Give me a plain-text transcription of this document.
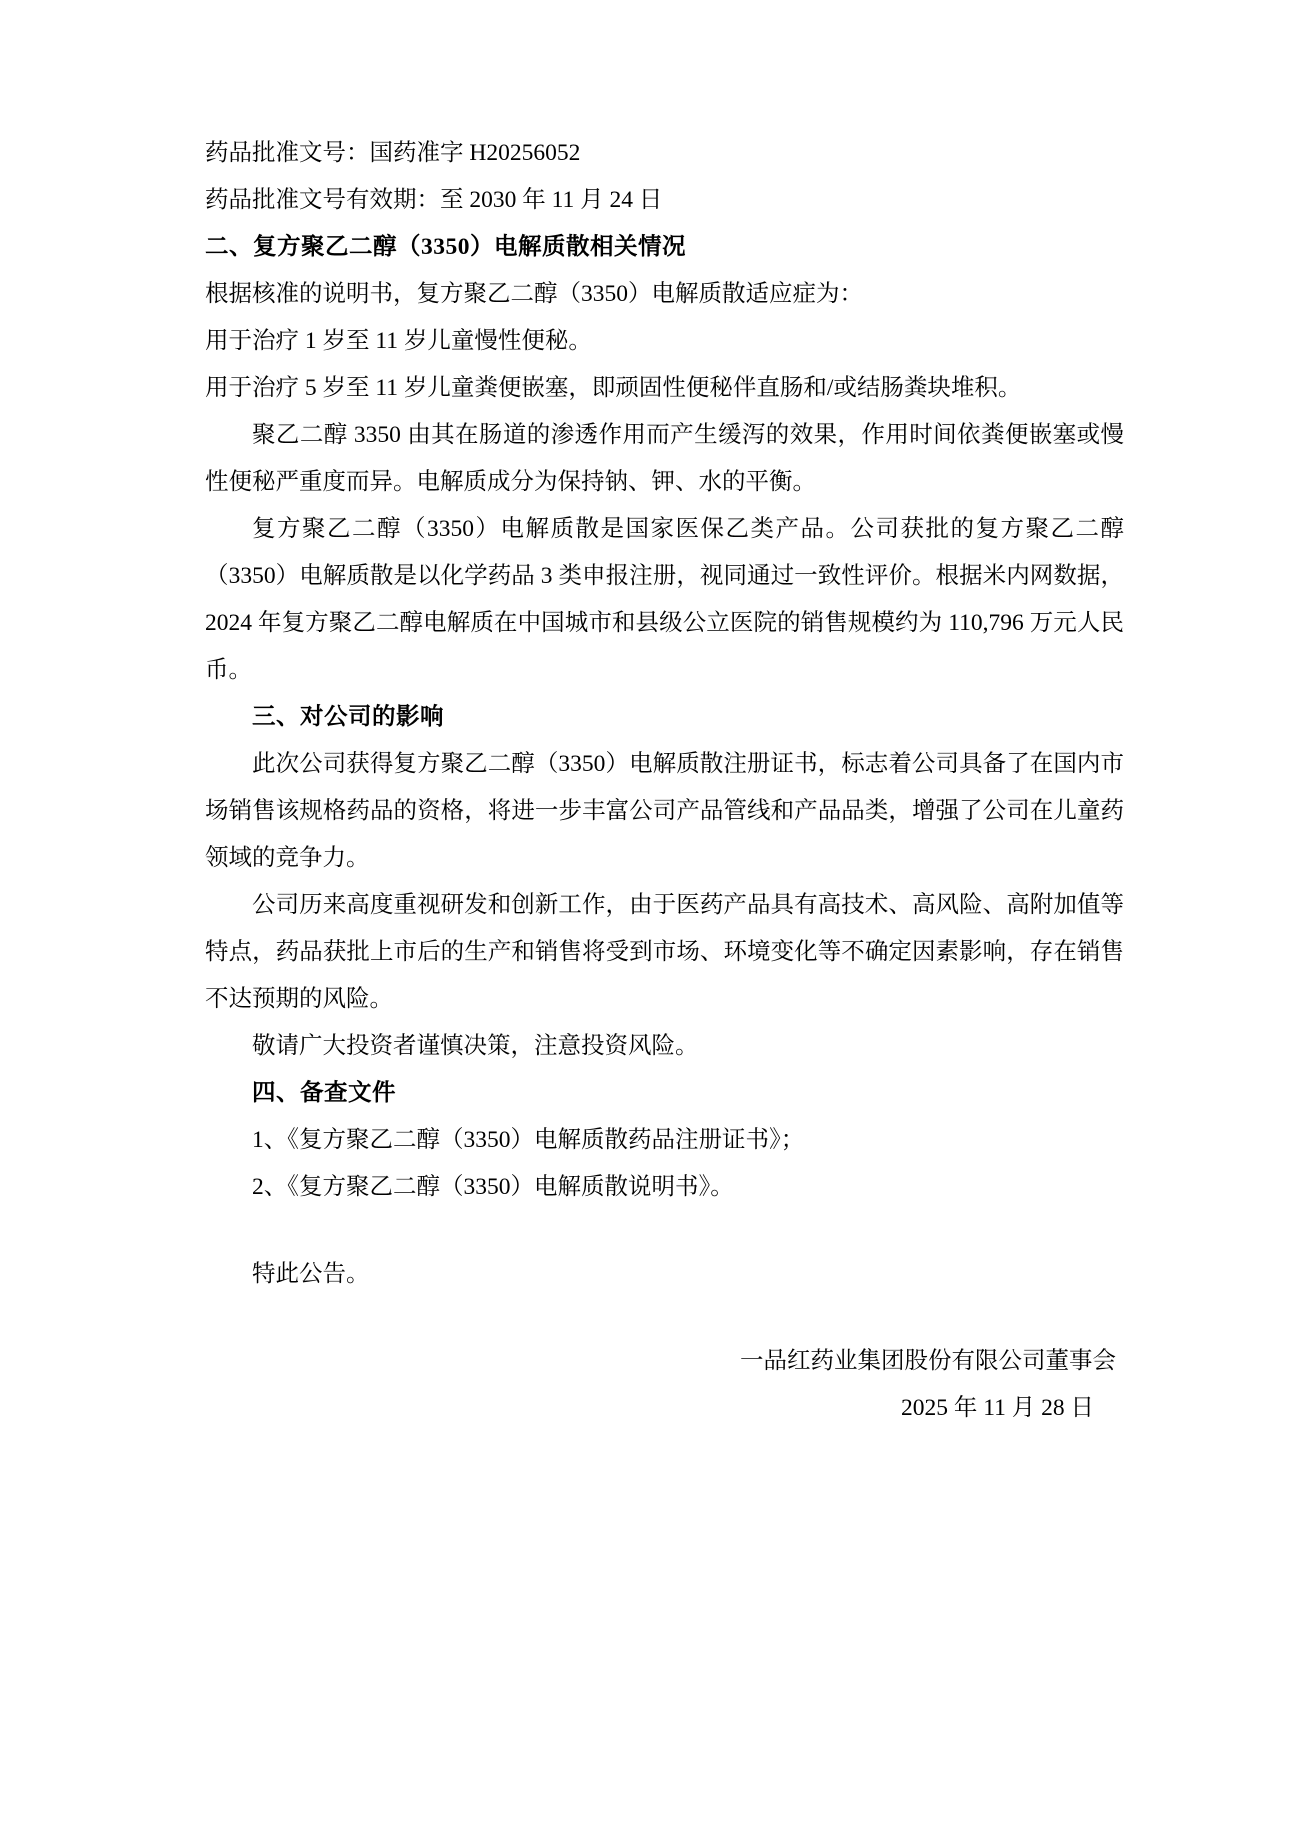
药品批准文号：国药准字 H20256052

药品批准文号有效期：至 2030 年 11 月 24 日

二、复方聚乙二醇（3350）电解质散相关情况

根据核准的说明书，复方聚乙二醇（3350）电解质散适应症为：

用于治疗 1 岁至 11 岁儿童慢性便秘。

用于治疗 5 岁至 11 岁儿童粪便嵌塞，即顽固性便秘伴直肠和/或结肠粪块堆积。

聚乙二醇 3350 由其在肠道的渗透作用而产生缓泻的效果，作用时间依粪便嵌塞或慢性便秘严重度而异。电解质成分为保持钠、钾、水的平衡。

复方聚乙二醇（3350）电解质散是国家医保乙类产品。公司获批的复方聚乙二醇（3350）电解质散是以化学药品 3 类申报注册，视同通过一致性评价。根据米内网数据，2024 年复方聚乙二醇电解质在中国城市和县级公立医院的销售规模约为 110,796 万元人民币。

三、对公司的影响

此次公司获得复方聚乙二醇（3350）电解质散注册证书，标志着公司具备了在国内市场销售该规格药品的资格，将进一步丰富公司产品管线和产品品类，增强了公司在儿童药领域的竞争力。

公司历来高度重视研发和创新工作，由于医药产品具有高技术、高风险、高附加值等特点，药品获批上市后的生产和销售将受到市场、环境变化等不确定因素影响，存在销售不达预期的风险。

敬请广大投资者谨慎决策，注意投资风险。

四、备查文件

1、《复方聚乙二醇（3350）电解质散药品注册证书》；

2、《复方聚乙二醇（3350）电解质散说明书》。

特此公告。

一品红药业集团股份有限公司董事会

2025 年 11 月 28 日
